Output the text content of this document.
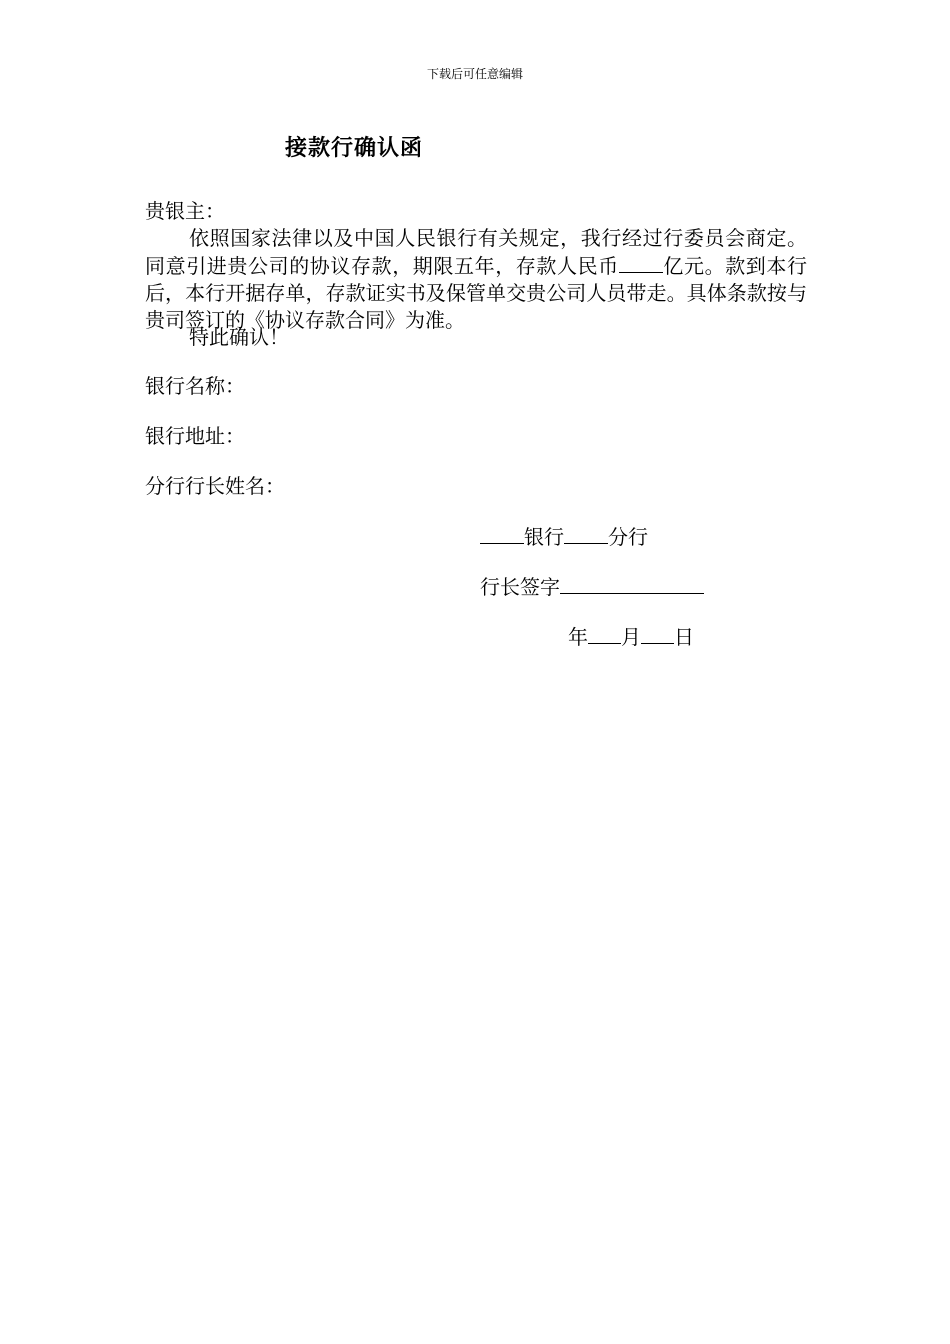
下载后可任意编辑
接款行确认函
贵银主：
依照国家法律以及中国人民银行有关规定，我行经过行委员会商定。同意引进贵公司的协议存款，期限五年，存款人民币 亿元。款到本行后，本行开据存单，存款证实书及保管单交贵公司人员带走。具体条款按与贵司签订的《协议存款合同》为准。
特此确认！
银行名称：
银行地址：
分行行长姓名：
银行 分行
行长签字
年 月 日
